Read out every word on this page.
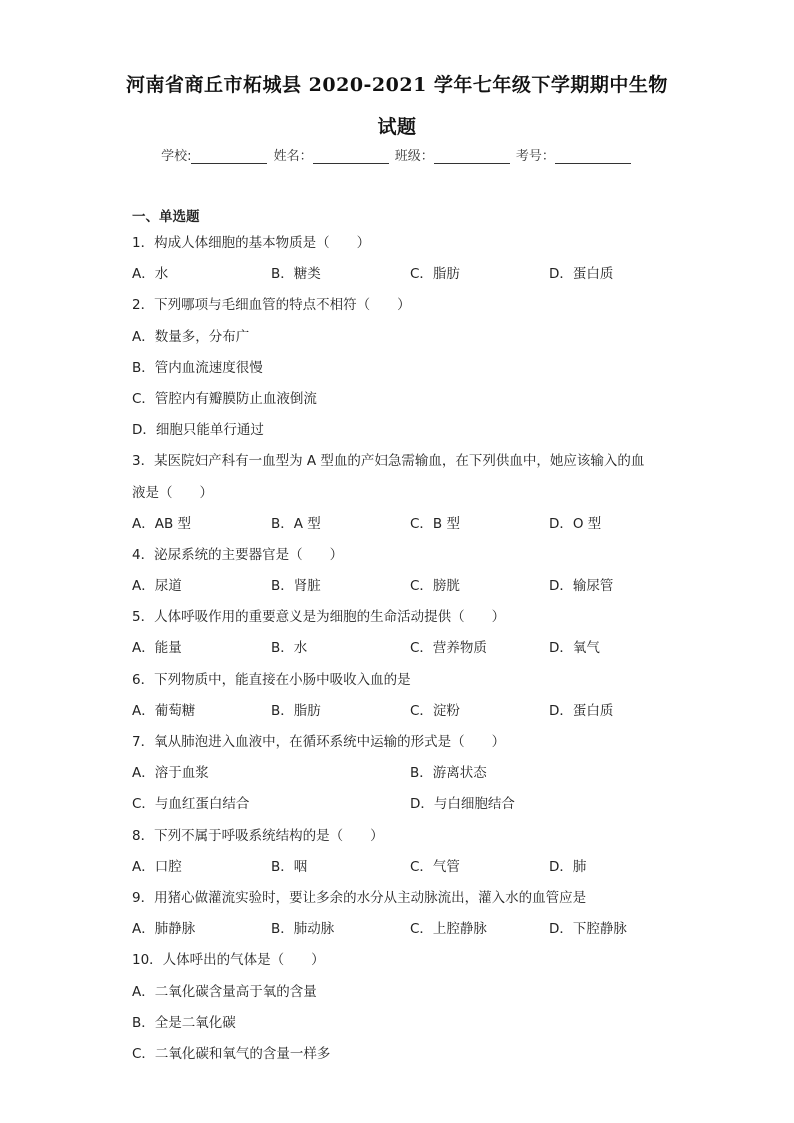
河南省商丘市柘城县 2020-2021 学年七年级下学期期中生物
试题
学校:	姓名：	班级：	考号：
一、单选题
1．构成人体细胞的基本物质是（　　）
A．水	B．糖类	C．脂肪	D．蛋白质
2．下列哪项与毛细血管的特点不相符（　　）
A．数量多，分布广
B．管内血流速度很慢
C．管腔内有瓣膜防止血液倒流
D．细胞只能单行通过
3．某医院妇产科有一血型为 A 型血的产妇急需输血，在下列供血中，她应该输入的血
液是（　　）
A．AB 型	B．A 型	C．B 型	D．O 型
4．泌尿系统的主要器官是（　　）
A．尿道	B．肾脏	C．膀胱	D．输尿管
5．人体呼吸作用的重要意义是为细胞的生命活动提供（　　）
A．能量	B．水	C．营养物质	D．氧气
6．下列物质中，能直接在小肠中吸收入血的是
A．葡萄糖	B．脂肪	C．淀粉	D．蛋白质
7．氧从肺泡进入血液中，在循环系统中运输的形式是（　　）
A．溶于血浆	B．游离状态
C．与血红蛋白结合	D．与白细胞结合
8．下列不属于呼吸系统结构的是（　　）
A．口腔	B．咽	C．气管	D．肺
9．用猪心做灌流实验时，要让多余的水分从主动脉流出，灌入水的血管应是
A．肺静脉	B．肺动脉	C．上腔静脉	D．下腔静脉
10．人体呼出的气体是（　　）
A．二氧化碳含量高于氧的含量
B．全是二氧化碳
C．二氧化碳和氧气的含量一样多
